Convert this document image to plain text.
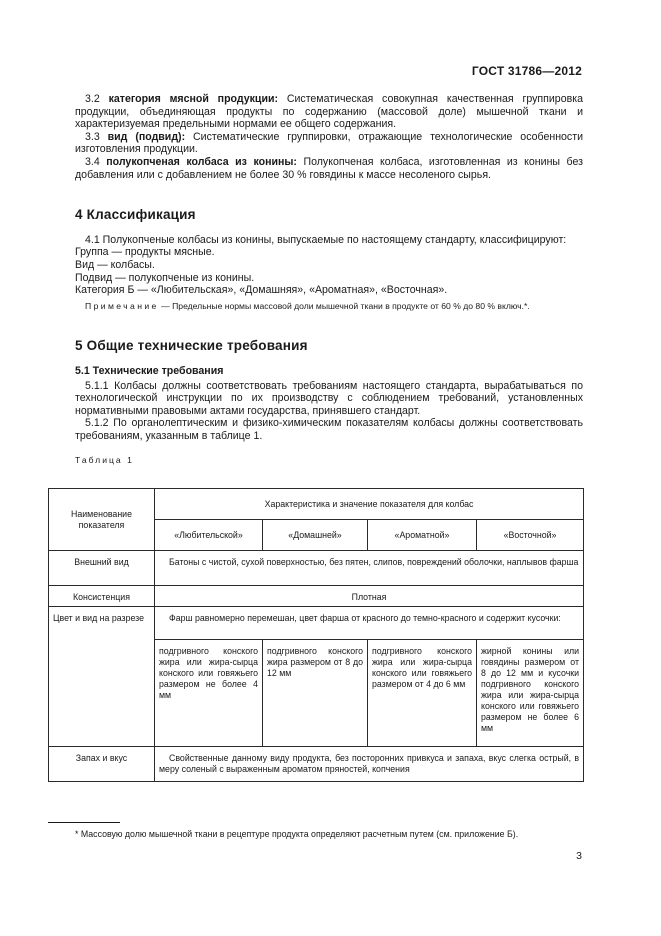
ГОСТ 31786—2012

3.2 категория мясной продукции: Систематическая совокупная качественная группировка продукции, объединяющая продукты по содержанию (массовой доле) мышечной ткани и характеризуемая предельными нормами ее общего содержания.

3.3 вид (подвид): Систематические группировки, отражающие технологические особенности изготовления продукции.

3.4 полукопченая колбаса из конины: Полукопченая колбаса, изготовленная из конины без добавления или с добавлением не более 30 % говядины к массе несоленого сырья.

4 Классификация

4.1 Полукопченые колбасы из конины, выпускаемые по настоящему стандарту, классифицируют:

Группа — продукты мясные.

Вид — колбасы.

Подвид — полукопченые из конины.

Категория Б — «Любительская», «Домашняя», «Ароматная», «Восточная».

Примечание — Предельные нормы массовой доли мышечной ткани в продукте от 60 % до 80 % включ.*.

5 Общие технические требования

5.1 Технические требования

5.1.1 Колбасы должны соответствовать требованиям настоящего стандарта, вырабатываться по технологической инструкции по их производству с соблюдением требований, установленных нормативными правовыми актами государства, принявшего стандарт.

5.1.2 По органолептическим и физико-химическим показателям колбасы должны соответствовать требованиям, указанным в таблице 1.

Таблица 1

Наименование показателя	Характеристика и значение показателя для колбас			
	«Любительской»	«Домашней»	«Ароматной»	«Восточной»
Внешний вид	Батоны с чистой, сухой поверхностью, без пятен, слипов, повреждений оболочки, наплывов фарша			
Консистенция	Плотная			
Цвет и вид на разрезе	Фарш равномерно перемешан, цвет фарша от красного до темно-красного и содержит кусочки:			
	подгривного конского жира или жира-сырца конского или говяжьего размером не более 4 мм	подгривного конского жира размером от 8 до 12 мм	подгривного конского жира или жира-сырца конского или говяжьего размером от 4 до 6 мм	жирной конины или говядины размером от 8 до 12 мм и кусочки подгривного конского жира или жира-сырца конского или говяжьего размером не более 6 мм
Запах и вкус	Свойственные данному виду продукта, без посторонних привкуса и запаха, вкус слегка острый, в меру соленый с выраженным ароматом пряностей, копчения			
* Массовую долю мышечной ткани в рецептуре продукта определяют расчетным путем (см. приложение Б).
3
